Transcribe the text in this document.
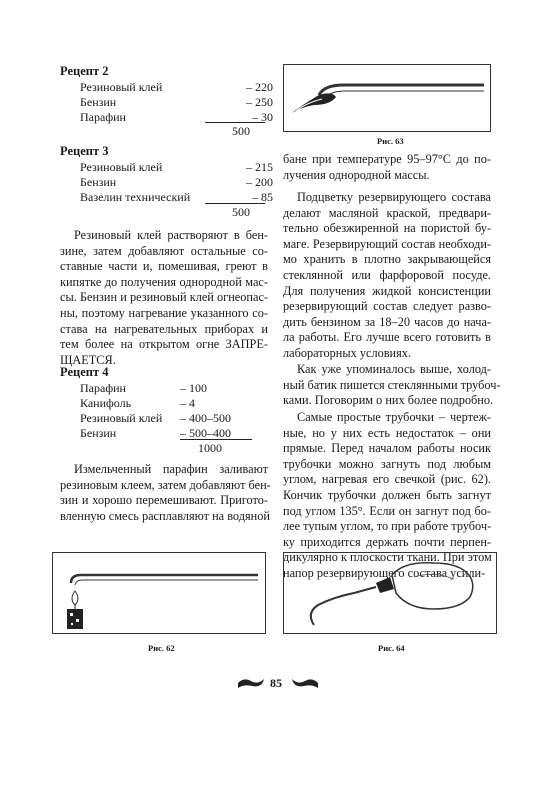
Рецепт 2
Резиновый клей	– 220
Бензин	– 250
Парафин	– 30
500
Рецепт 3
Резиновый клей	– 215
Бензин	– 200
Вазелин технический	– 85
500
Резиновый клей растворяют в бен-
зине, затем добавляют остальные со-
ставные части и, помешивая, греют в
кипятке до получения однородной мас-
сы. Бензин и резиновый клей огнеопас-
ны, поэтому нагревание указанного со-
става на нагревательных приборах и
тем более на открытом огне ЗАПРЕ-
ЩАЕТСЯ.
Рецепт 4
Парафин	– 100
Канифоль	– 4
Резиновый клей – 400–500
Бензин	– 500–400
1000
Измельченный парафин заливают
резиновым клеем, затем добавляют бен-
зин и хорошо перемешивают. Пригото-
вленную смесь расплавляют на водяной
Рис. 63
бане при температуре 95–97°С до по-
лучения однородной массы.
Подцветку резервирующего состава
делают масляной краской, предвари-
тельно обезжиренной на пористой бу-
маге. Резервирующий состав необходи-
мо хранить в плотно закрывающейся
стеклянной или фарфоровой посуде.
Для получения жидкой консистенции
резервирующий состав следует разво-
дить бензином за 18–20 часов до нача-
ла работы. Его лучше всего готовить в
лабораторных условиях.
Как уже упоминалось выше, холод-
ный батик пишется стеклянными трубоч-
ками. Поговорим о них более подробно.
Самые простые трубочки – чертеж-
ные, но у них есть недостаток – они
прямые. Перед началом работы носик
трубочки можно загнуть под любым
углом, нагревая его свечкой (рис. 62).
Кончик трубочки должен быть загнут
под углом 135°. Если он загнут под бо-
лее тупым углом, то при работе трубоч-
ку приходится держать почти перпен-
дикулярно к плоскости ткани. При этом
напор резервирующего состава усили-
Рис. 62	Рис. 64
85
